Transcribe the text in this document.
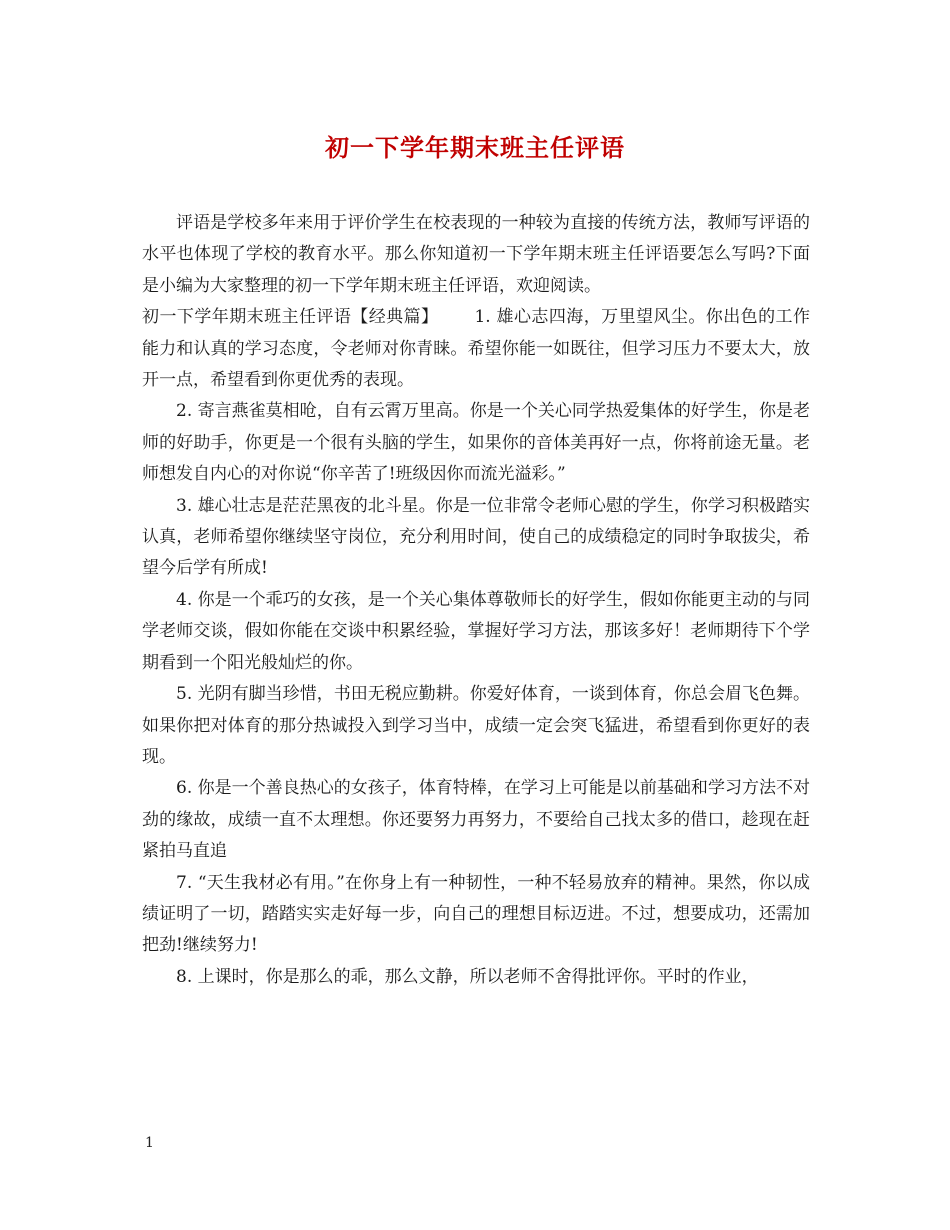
初一下学年期末班主任评语

评语是学校多年来用于评价学生在校表现的一种较为直接的传统方法，教师写评语的水平也体现了学校的教育水平。那么你知道初一下学年期末班主任评语要怎么写吗?下面是小编为大家整理的初一下学年期末班主任评语，欢迎阅读。

初一下学年期末班主任评语【经典篇】 1. 雄心志四海，万里望风尘。你出色的工作能力和认真的学习态度，令老师对你青睐。希望你能一如既往，但学习压力不要太大，放开一点，希望看到你更优秀的表现。

2. 寄言燕雀莫相呛，自有云霄万里高。你是一个关心同学热爱集体的好学生，你是老师的好助手，你更是一个很有头脑的学生，如果你的音体美再好一点，你将前途无量。老师想发自内心的对你说“你辛苦了!班级因你而流光溢彩。”

3. 雄心壮志是茫茫黑夜的北斗星。你是一位非常令老师心慰的学生，你学习积极踏实认真，老师希望你继续坚守岗位，充分利用时间，使自己的成绩稳定的同时争取拔尖，希望今后学有所成!

4. 你是一个乖巧的女孩，是一个关心集体尊敬师长的好学生，假如你能更主动的与同学老师交谈，假如你能在交谈中积累经验，掌握好学习方法，那该多好！老师期待下个学期看到一个阳光般灿烂的你。

5. 光阴有脚当珍惜，书田无税应勤耕。你爱好体育，一谈到体育，你总会眉飞色舞。如果你把对体育的那分热诚投入到学习当中，成绩一定会突飞猛进，希望看到你更好的表现。

6. 你是一个善良热心的女孩子，体育特棒，在学习上可能是以前基础和学习方法不对劲的缘故，成绩一直不太理想。你还要努力再努力，不要给自己找太多的借口，趁现在赶紧拍马直追

7. “天生我材必有用。”在你身上有一种韧性，一种不轻易放弃的精神。果然，你以成绩证明了一切，踏踏实实走好每一步，向自己的理想目标迈进。不过，想要成功，还需加把劲!继续努力!

8. 上课时，你是那么的乖，那么文静，所以老师不舍得批评你。平时的作业，

1
